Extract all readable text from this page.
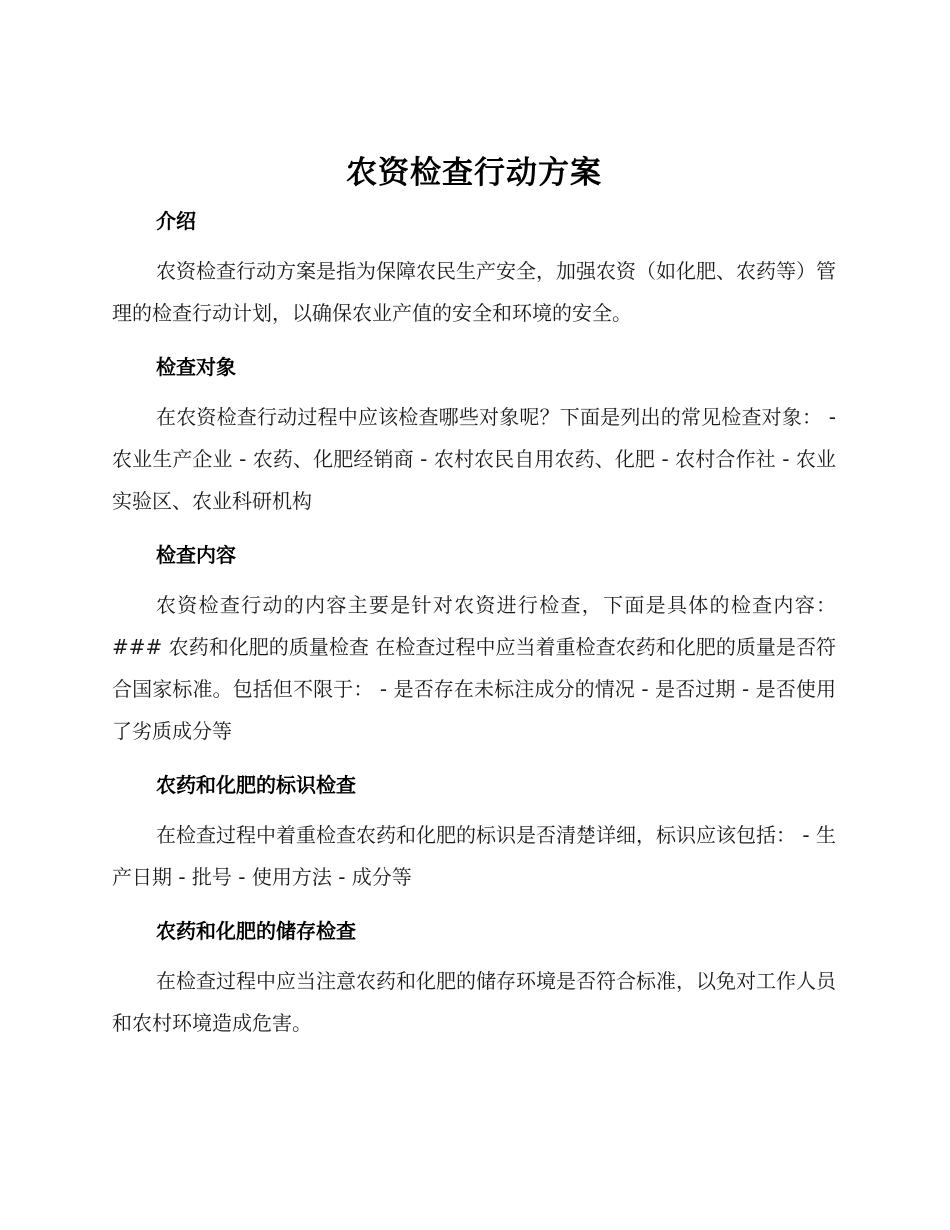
农资检查行动方案
介绍

农资检查行动方案是指为保障农民生产安全，加强农资（如化肥、农药等）管理的检查行动计划，以确保农业产值的安全和环境的安全。

检查对象

在农资检查行动过程中应该检查哪些对象呢？下面是列出的常见检查对象： - 农业生产企业 - 农药、化肥经销商 - 农村农民自用农药、化肥 - 农村合作社 - 农业实验区、农业科研机构

检查内容

农资检查行动的内容主要是针对农资进行检查，下面是具体的检查内容： ### 农药和化肥的质量检查 在检查过程中应当着重检查农药和化肥的质量是否符合国家标准。包括但不限于： - 是否存在未标注成分的情况 - 是否过期 - 是否使用了劣质成分等

农药和化肥的标识检查

在检查过程中着重检查农药和化肥的标识是否清楚详细，标识应该包括： - 生产日期 - 批号 - 使用方法 - 成分等

农药和化肥的储存检查

在检查过程中应当注意农药和化肥的储存环境是否符合标准，以免对工作人员和农村环境造成危害。
